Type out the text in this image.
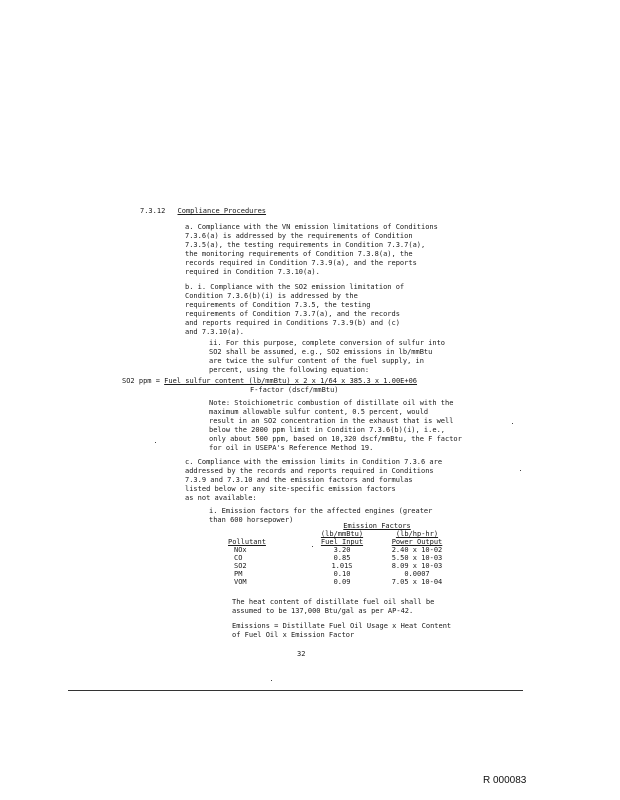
7.3.12 Compliance Procedures
a. Compliance with the VN emission limitations of Conditions
7.3.6(a) is addressed by the requirements of Condition
7.3.5(a), the testing requirements in Condition 7.3.7(a),
the monitoring requirements of Condition 7.3.8(a), the
records required in Condition 7.3.9(a), and the reports
required in Condition 7.3.10(a).
b. i. Compliance with the SO2 emission limitation of
Condition 7.3.6(b)(i) is addressed by the
requirements of Condition 7.3.5, the testing
requirements of Condition 7.3.7(a), and the records
and reports required in Conditions 7.3.9(b) and (c)
and 7.3.10(a).
ii. For this purpose, complete conversion of sulfur into
SO2 shall be assumed, e.g., SO2 emissions in lb/mmBtu
are twice the sulfur content of the fuel supply, in
percent, using the following equation:
SO2 ppm = Fuel sulfur content (lb/mmBtu) x 2 x 1/64 x 385.3 x 1.00E+06
F-factor (dscf/mmBtu)
Note: Stoichiometric combustion of distillate oil with the
maximum allowable sulfur content, 0.5 percent, would
result in an SO2 concentration in the exhaust that is well
below the 2000 ppm limit in Condition 7.3.6(b)(i), i.e.,
only about 500 ppm, based on 10,320 dscf/mmBtu, the F factor
for oil in USEPA's Reference Method 19.
c. Compliance with the emission limits in Condition 7.3.6 are
addressed by the records and reports required in Conditions
7.3.9 and 7.3.10 and the emission factors and formulas
listed below or any site-specific emission factors
as not available:
i. Emission factors for the affected engines (greater
than 600 horsepower)
	Emission Factors	
	(lb/mmBtu)	(lb/hp-hr)
Pollutant	Fuel Input	Power Output
NOx	3.20	2.40 x 10-02
CO	0.85	5.50 x 10-03
SO2	1.01S	8.09 x 10-03
PM	0.10	0.0007
VOM	0.09	7.05 x 10-04
The heat content of distillate fuel oil shall be
assumed to be 137,000 Btu/gal as per AP-42.
Emissions = Distillate Fuel Oil Usage x Heat Content
of Fuel Oil x Emission Factor
32
R 000083
